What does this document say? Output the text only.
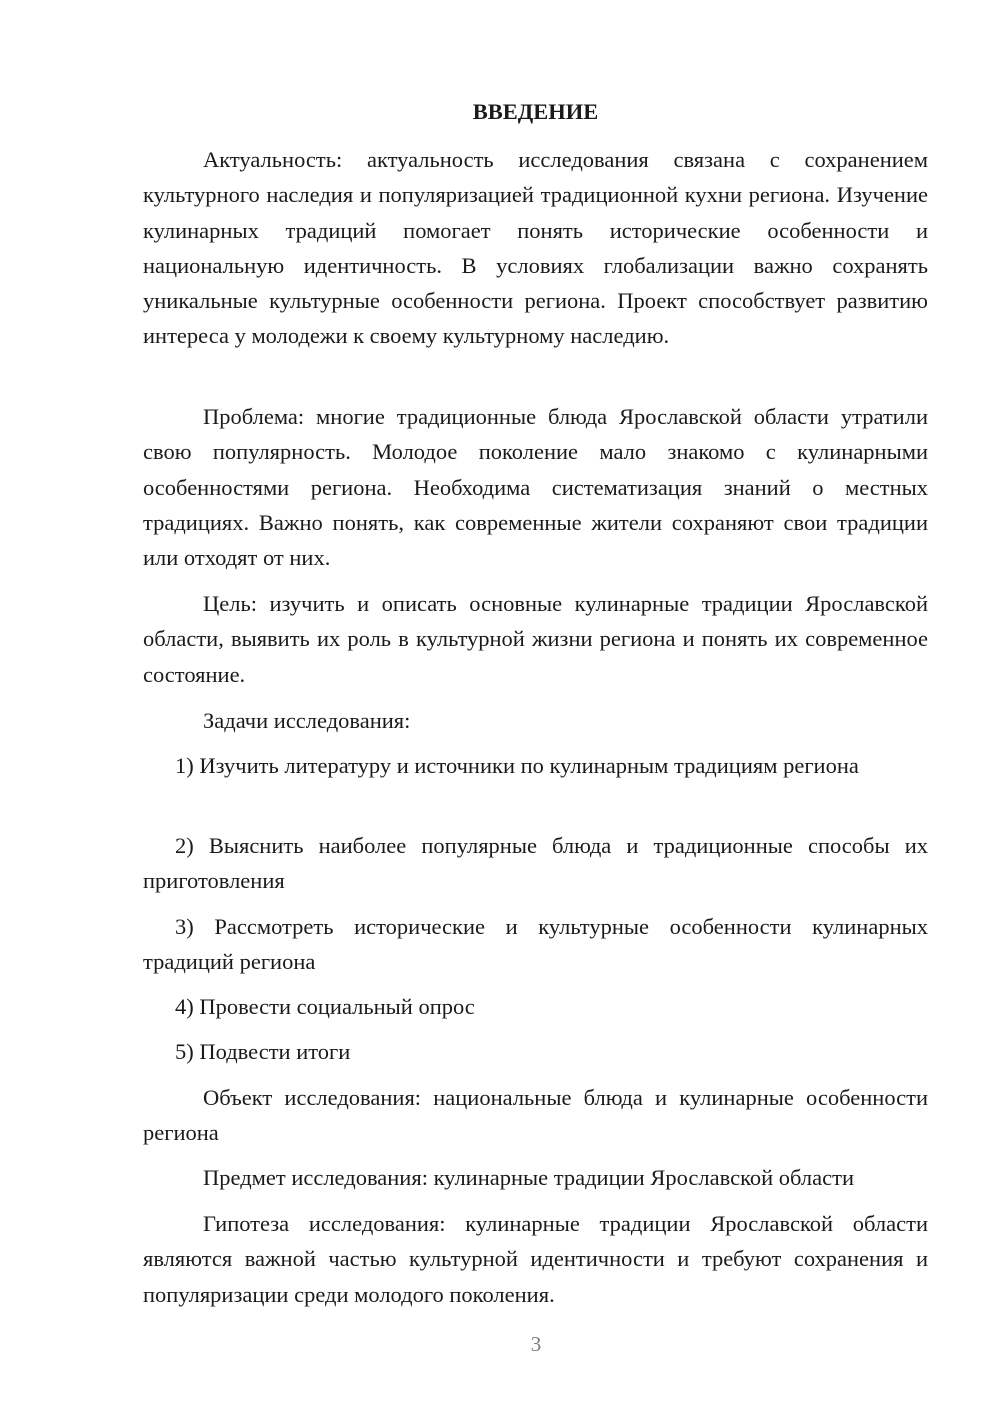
ВВЕДЕНИЕ

Актуальность: актуальность исследования связана с сохранением культурного наследия и популяризацией традиционной кухни региона. Изучение кулинарных традиций помогает понять исторические особенности и национальную идентичность. В условиях глобализации важно сохранять уникальные культурные особенности региона. Проект способствует развитию интереса у молодежи к своему культурному наследию.

Проблема: многие традиционные блюда Ярославской области утратили свою популярность. Молодое поколение мало знакомо с кулинарными особенностями региона. Необходима систематизация знаний о местных традициях. Важно понять, как современные жители сохраняют свои традиции или отходят от них.

Цель: изучить и описать основные кулинарные традиции Ярославской области, выявить их роль в культурной жизни региона и понять их современное состояние.

Задачи исследования:

1) Изучить литературу и источники по кулинарным традициям региона

2) Выяснить наиболее популярные блюда и традиционные способы их приготовления

3) Рассмотреть исторические и культурные особенности кулинарных традиций региона

4) Провести социальный опрос

5) Подвести итоги

Объект исследования: национальные блюда и кулинарные особенности региона

Предмет исследования: кулинарные традиции Ярославской области

Гипотеза исследования: кулинарные традиции Ярославской области являются важной частью культурной идентичности и требуют сохранения и популяризации среди молодого поколения.

3
